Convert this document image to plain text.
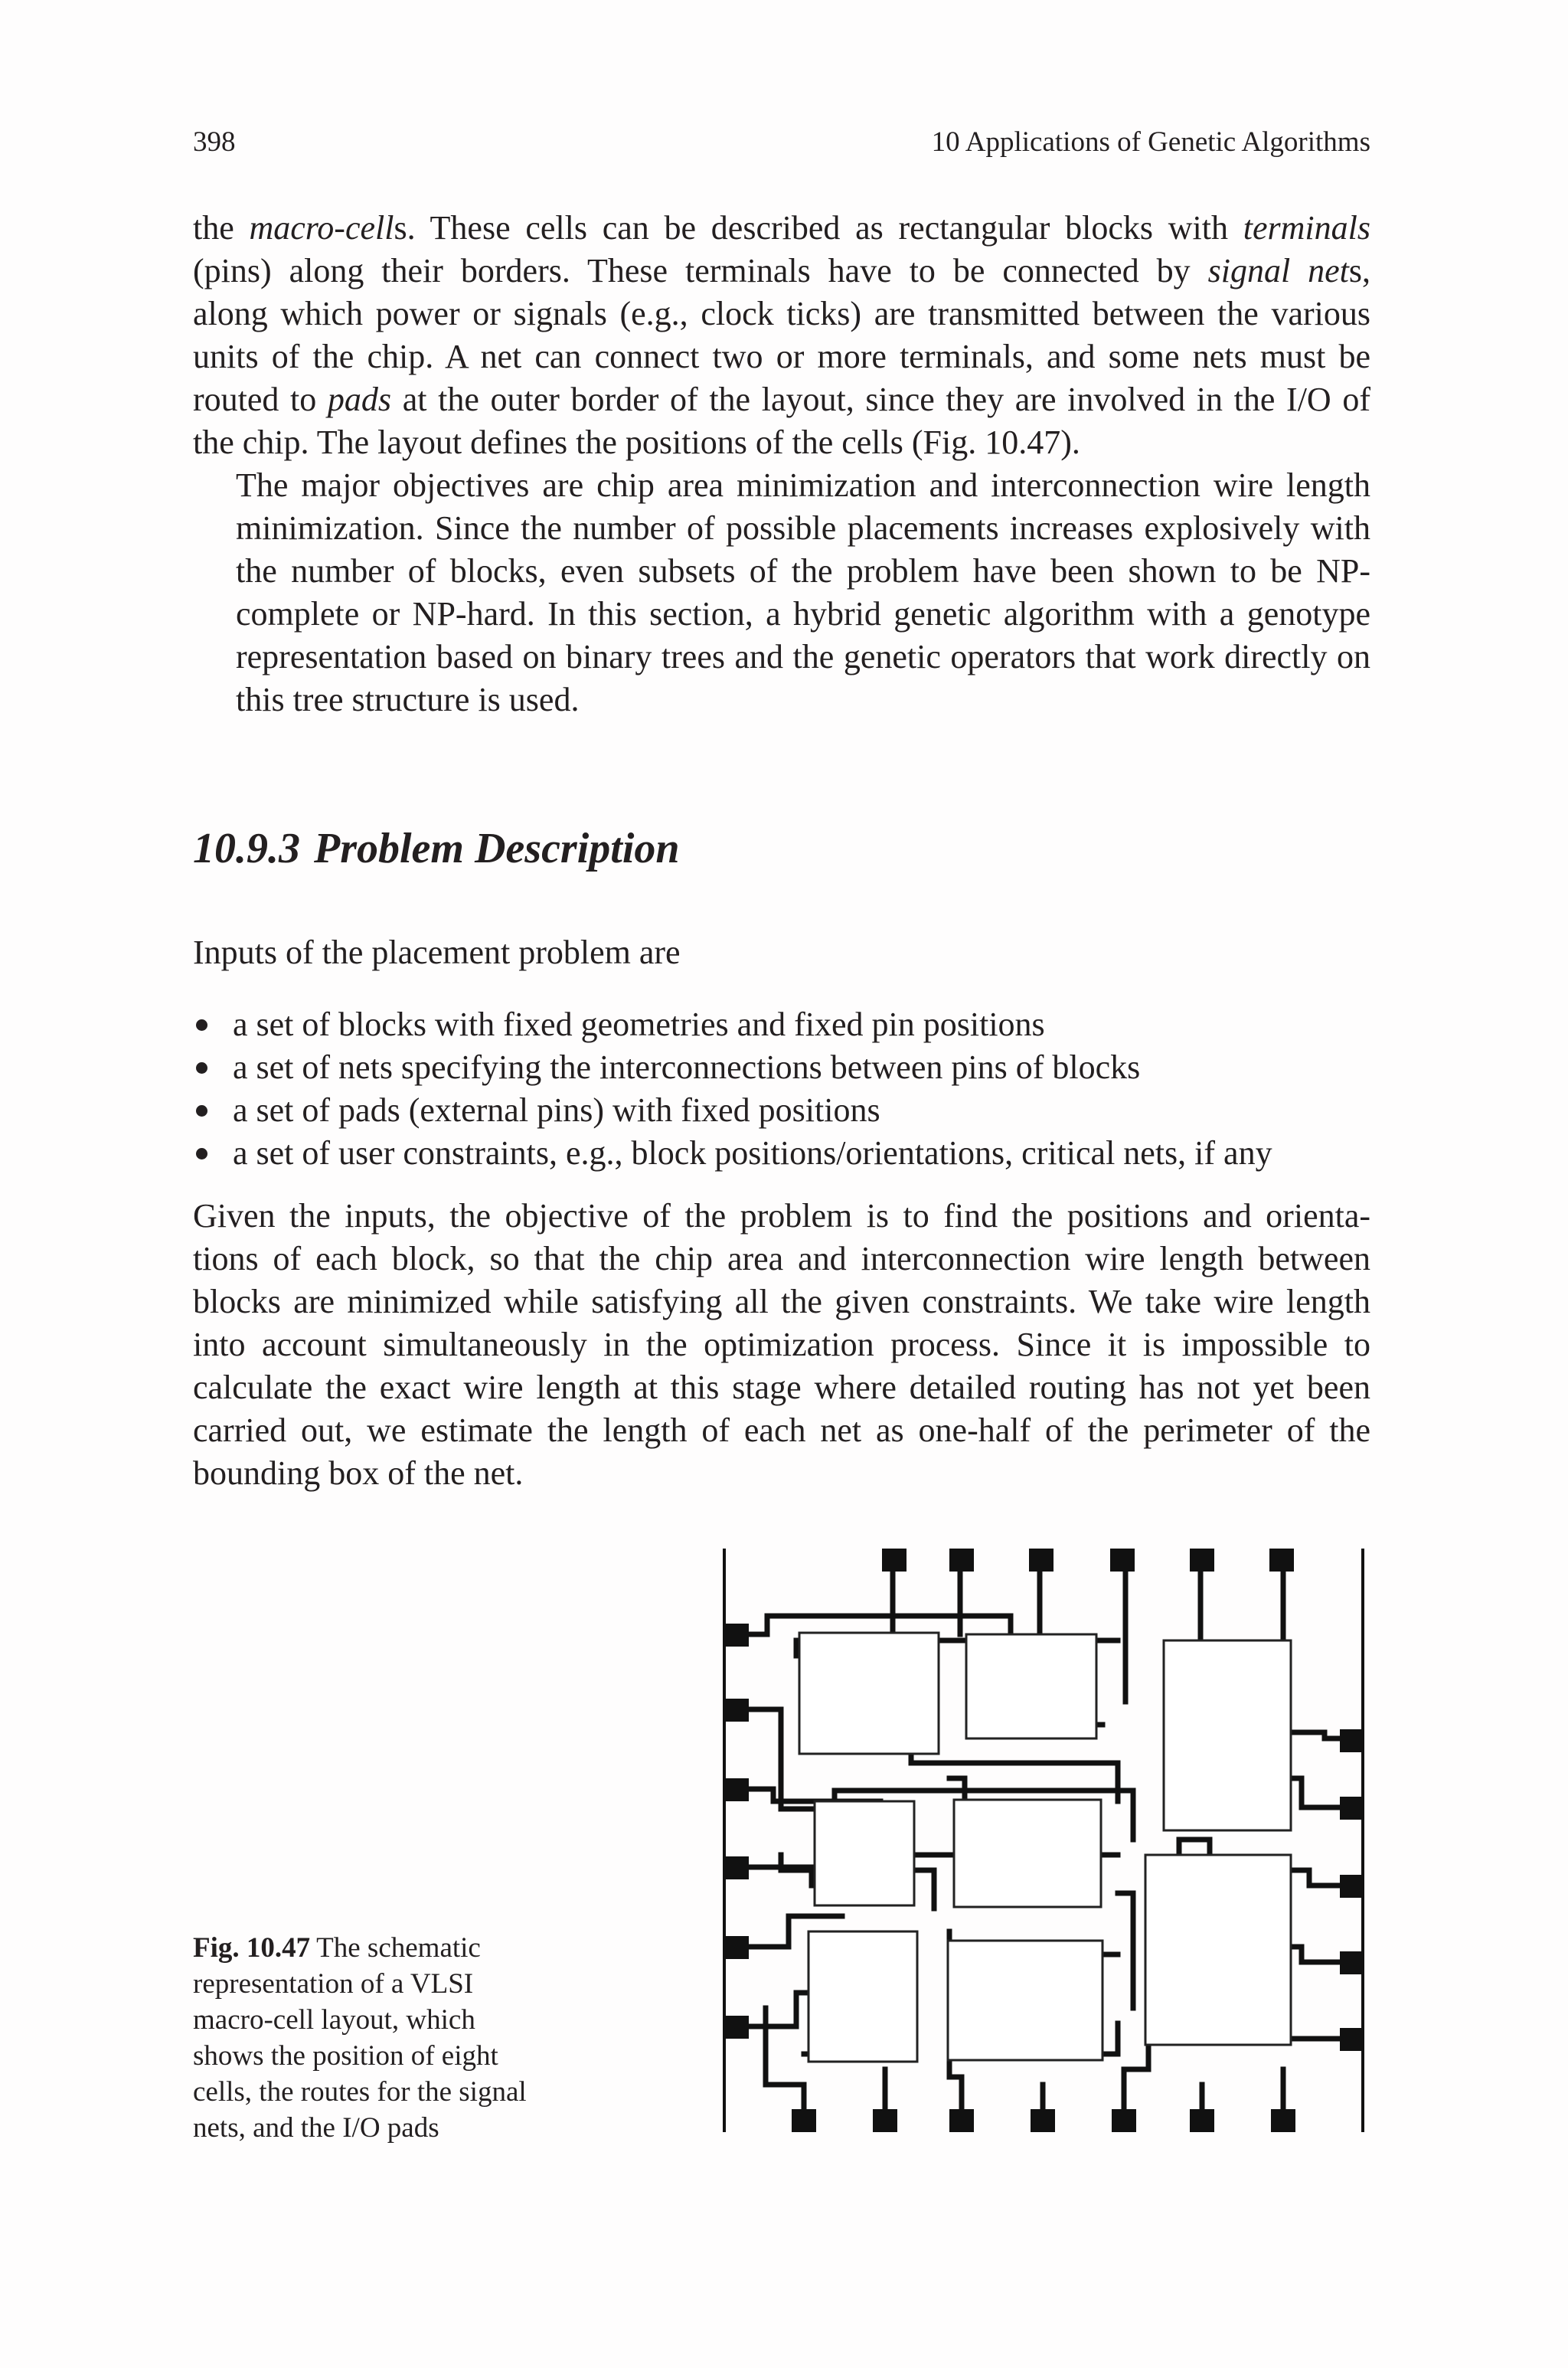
398	10 Applications of Genetic Algorithms
the macro-cells. These cells can be described as rectangular blocks with terminals
(pins) along their borders. These terminals have to be connected by signal nets,
along which power or signals (e.g., clock ticks) are transmitted between the various
units of the chip. A net can connect two or more terminals, and some nets must be
routed to pads at the outer border of the layout, since they are involved in the I/O of
the chip. The layout defines the positions of the cells (Fig. 10.47).
The major objectives are chip area minimization and interconnection wire length
minimization. Since the number of possible placements increases explosively with
the number of blocks, even subsets of the problem have been shown to be NP-
complete or NP-hard. In this section, a hybrid genetic algorithm with a genotype
representation based on binary trees and the genetic operators that work directly on
this tree structure is used.
10.9.3 Problem Description
Inputs of the placement problem are
a set of blocks with fixed geometries and fixed pin positions
a set of nets specifying the interconnections between pins of blocks
a set of pads (external pins) with fixed positions
a set of user constraints, e.g., block positions/orientations, critical nets, if any
Given the inputs, the objective of the problem is to find the positions and orienta-
tions of each block, so that the chip area and interconnection wire length between
blocks are minimized while satisfying all the given constraints. We take wire length
into account simultaneously in the optimization process. Since it is impossible to
calculate the exact wire length at this stage where detailed routing has not yet been
carried out, we estimate the length of each net as one-half of the perimeter of the
bounding box of the net.
Fig. 10.47 The schematic
representation of a VLSI
macro-cell layout, which
shows the position of eight
cells, the routes for the signal
nets, and the I/O pads
